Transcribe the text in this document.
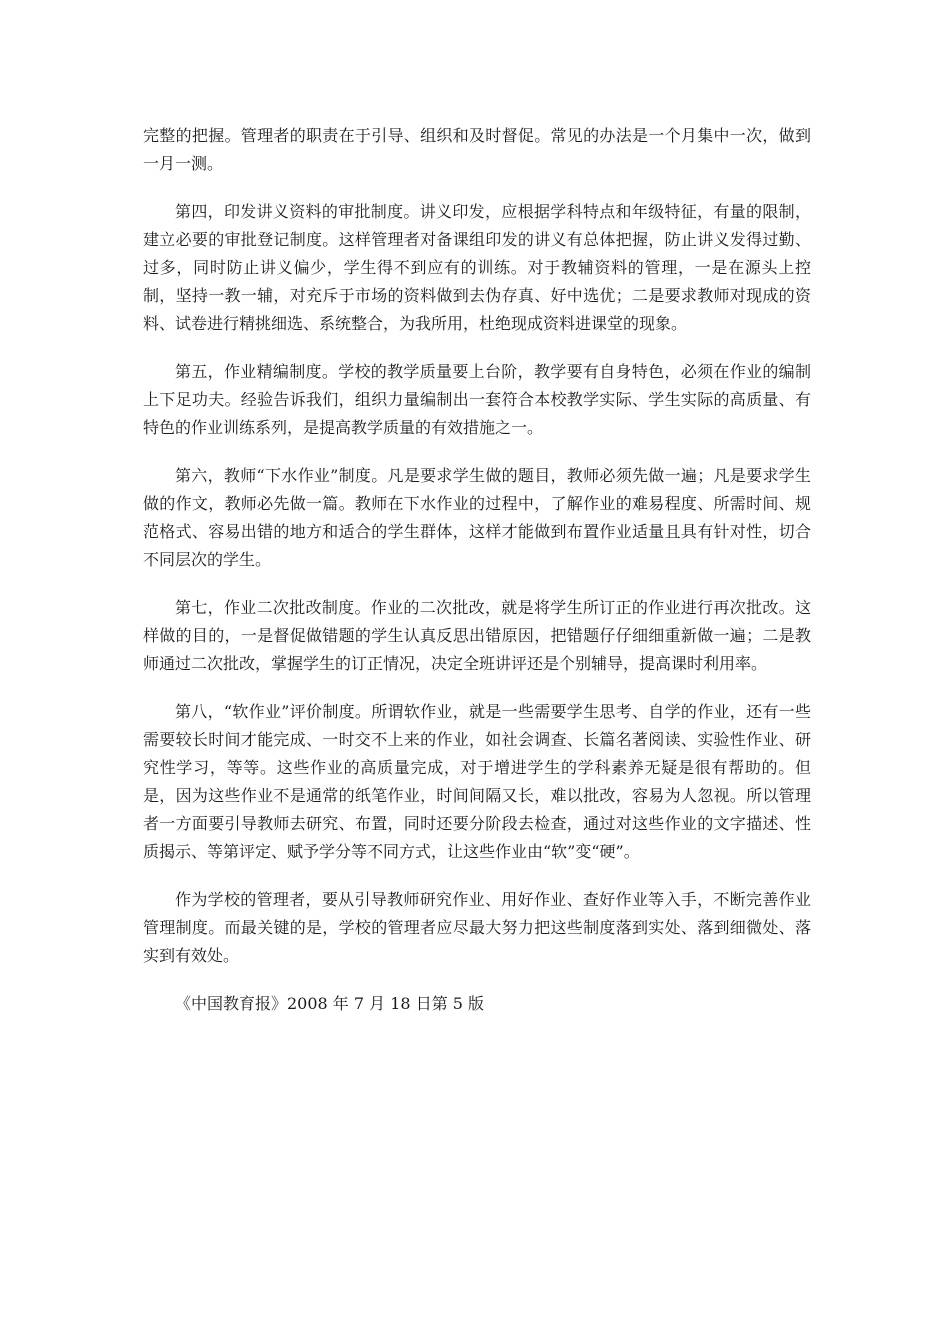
完整的把握。管理者的职责在于引导、组织和及时督促。常见的办法是一个月集中一次，做到一月一测。

第四，印发讲义资料的审批制度。讲义印发，应根据学科特点和年级特征，有量的限制，建立必要的审批登记制度。这样管理者对备课组印发的讲义有总体把握，防止讲义发得过勤、过多，同时防止讲义偏少，学生得不到应有的训练。对于教辅资料的管理，一是在源头上控制，坚持一教一辅，对充斥于市场的资料做到去伪存真、好中选优；二是要求教师对现成的资料、试卷进行精挑细选、系统整合，为我所用，杜绝现成资料进课堂的现象。

第五，作业精编制度。学校的教学质量要上台阶，教学要有自身特色，必须在作业的编制上下足功夫。经验告诉我们，组织力量编制出一套符合本校教学实际、学生实际的高质量、有特色的作业训练系列，是提高教学质量的有效措施之一。

第六，教师“下水作业”制度。凡是要求学生做的题目，教师必须先做一遍；凡是要求学生做的作文，教师必先做一篇。教师在下水作业的过程中，了解作业的难易程度、所需时间、规范格式、容易出错的地方和适合的学生群体，这样才能做到布置作业适量且具有针对性，切合不同层次的学生。

第七，作业二次批改制度。作业的二次批改，就是将学生所订正的作业进行再次批改。这样做的目的，一是督促做错题的学生认真反思出错原因，把错题仔仔细细重新做一遍；二是教师通过二次批改，掌握学生的订正情况，决定全班讲评还是个别辅导，提高课时利用率。

第八，“软作业”评价制度。所谓软作业，就是一些需要学生思考、自学的作业，还有一些需要较长时间才能完成、一时交不上来的作业，如社会调查、长篇名著阅读、实验性作业、研究性学习，等等。这些作业的高质量完成，对于增进学生的学科素养无疑是很有帮助的。但是，因为这些作业不是通常的纸笔作业，时间间隔又长，难以批改，容易为人忽视。所以管理者一方面要引导教师去研究、布置，同时还要分阶段去检查，通过对这些作业的文字描述、性质揭示、等第评定、赋予学分等不同方式，让这些作业由“软”变“硬”。

作为学校的管理者，要从引导教师研究作业、用好作业、查好作业等入手，不断完善作业管理制度。而最关键的是，学校的管理者应尽最大努力把这些制度落到实处、落到细微处、落实到有效处。

《中国教育报》2008 年 7 月 18 日第 5 版
